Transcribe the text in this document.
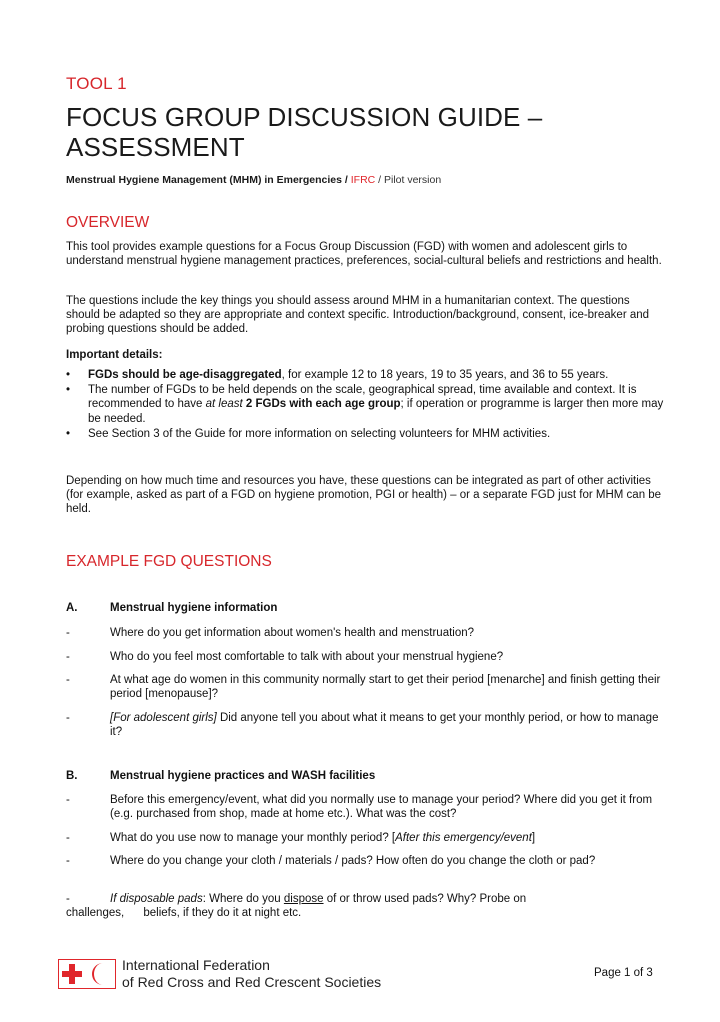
TOOL 1
FOCUS GROUP DISCUSSION GUIDE –
ASSESSMENT
Menstrual Hygiene Management (MHM) in Emergencies / IFRC / Pilot version
OVERVIEW
This tool provides example questions for a Focus Group Discussion (FGD) with women and adolescent girls to understand menstrual hygiene management practices, preferences, social-cultural beliefs and restrictions and health.
The questions include the key things you should assess around MHM in a humanitarian context. The questions should be adapted so they are appropriate and context specific. Introduction/background, consent, ice-breaker and probing questions should be added.
Important details:
• FGDs should be age-disaggregated, for example 12 to 18 years, 19 to 35 years, and 36 to 55 years.
• The number of FGDs to be held depends on the scale, geographical spread, time available and context. It is recommended to have at least 2 FGDs with each age group; if operation or programme is larger then more may be needed.
• See Section 3 of the Guide for more information on selecting volunteers for MHM activities.
Depending on how much time and resources you have, these questions can be integrated as part of other activities (for example, asked as part of a FGD on hygiene promotion, PGI or health) – or a separate FGD just for MHM can be held.
EXAMPLE FGD QUESTIONS
A.	Menstrual hygiene information
-	Where do you get information about women's health and menstruation?
-	Who do you feel most comfortable to talk with about your menstrual hygiene?
-	At what age do women in this community normally start to get their period [menarche] and finish getting their period [menopause]?
-	[For adolescent girls] Did anyone tell you about what it means to get your monthly period, or how to manage it?
B.	Menstrual hygiene practices and WASH facilities
-	Before this emergency/event, what did you normally use to manage your period? Where did you get it from (e.g. purchased from shop, made at home etc.). What was the cost?
-	What do you use now to manage your monthly period? [After this emergency/event]
-	Where do you change your cloth / materials / pads? How often do you change the cloth or pad?
-	If disposable pads: Where do you dispose of or throw used pads? Why? Probe on
challenges,      beliefs, if they do it at night etc.
International Federation
of Red Cross and Red Crescent Societies
Page 1 of 3
